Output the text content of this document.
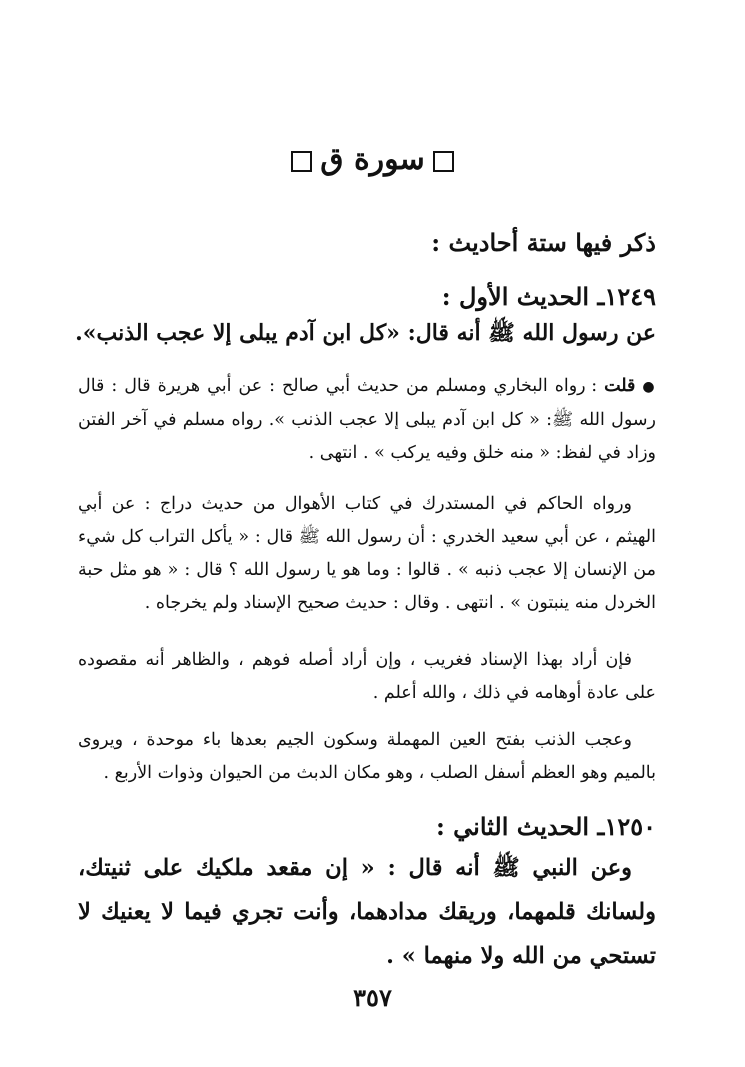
سورة ق

ذكر فيها ستة أحاديث :

١٢٤٩ـ الحديث الأول :

عن رسول الله ﷺ أنه قال: «كل ابن آدم يبلى إلا عجب الذنب».

● قلت : رواه البخاري ومسلم من حديث أبي صالح : عن أبي هريرة قال : قال رسول الله ﷺ: « كل ابن آدم يبلى إلا عجب الذنب ». رواه مسلم في آخر الفتن وزاد في لفظ: « منه خلق وفيه يركب » . انتهى .

ورواه الحاكم في المستدرك في كتاب الأهوال من حديث دراج : عن أبي الهيثم ، عن أبي سعيد الخدري : أن رسول الله ﷺ قال : « يأكل التراب كل شيء من الإنسان إلا عجب ذنبه » . قالوا : وما هو يا رسول الله ؟ قال : « هو مثل حبة الخردل منه ينبتون » . انتهى . وقال : حديث صحيح الإسناد ولم يخرجاه .

فإن أراد بهذا الإسناد فغريب ، وإن أراد أصله فوهم ، والظاهر أنه مقصوده على عادة أوهامه في ذلك ، والله أعلم .

وعجب الذنب بفتح العين المهملة وسكون الجيم بعدها باء موحدة ، ويروى بالميم وهو العظم أسفل الصلب ، وهو مكان الدبث من الحيوان وذوات الأربع .

١٢٥٠ـ الحديث الثاني :

وعن النبي ﷺ أنه قال : « إن مقعد ملكيك على ثنيتك، ولسانك قلمهما، وريقك مدادهما، وأنت تجري فيما لا يعنيك لا تستحي من الله ولا منهما » .

٣٥٧
